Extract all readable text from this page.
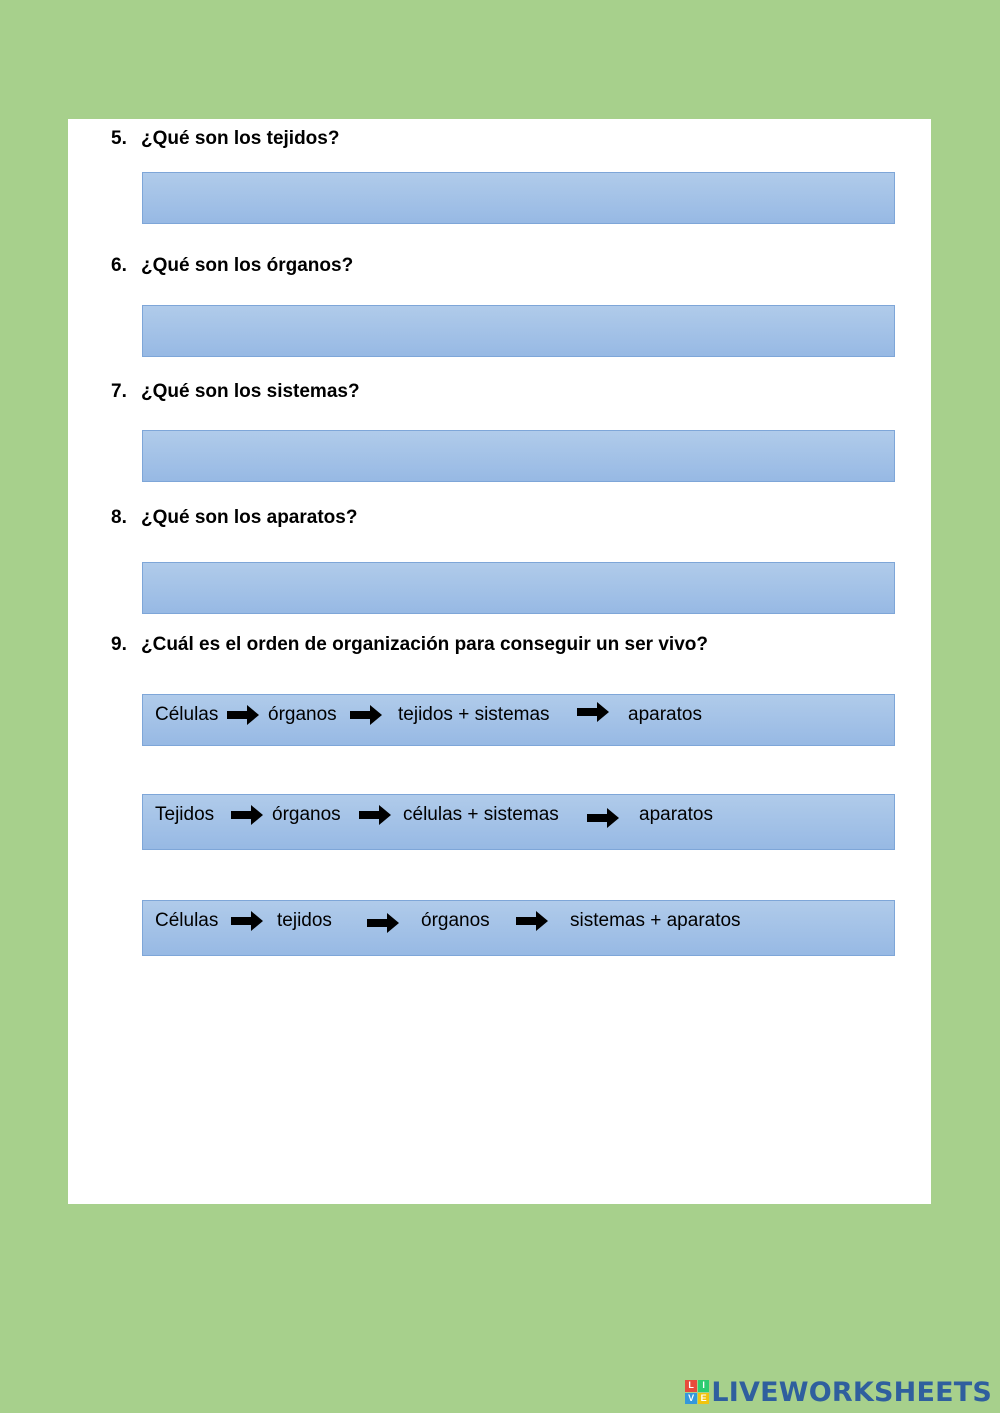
5. ¿Qué son los tejidos?
6. ¿Qué son los órganos?
7. ¿Qué son los sistemas?
8. ¿Qué son los aparatos?
9. ¿Cuál es el orden de organización para conseguir un ser vivo?
Células	órganos	tejidos + sistemas	aparatos
Tejidos	órganos	células + sistemas	aparatos
Células	tejidos	órganos	sistemas + aparatos
L I
V E LIVEWORKSHEETS
